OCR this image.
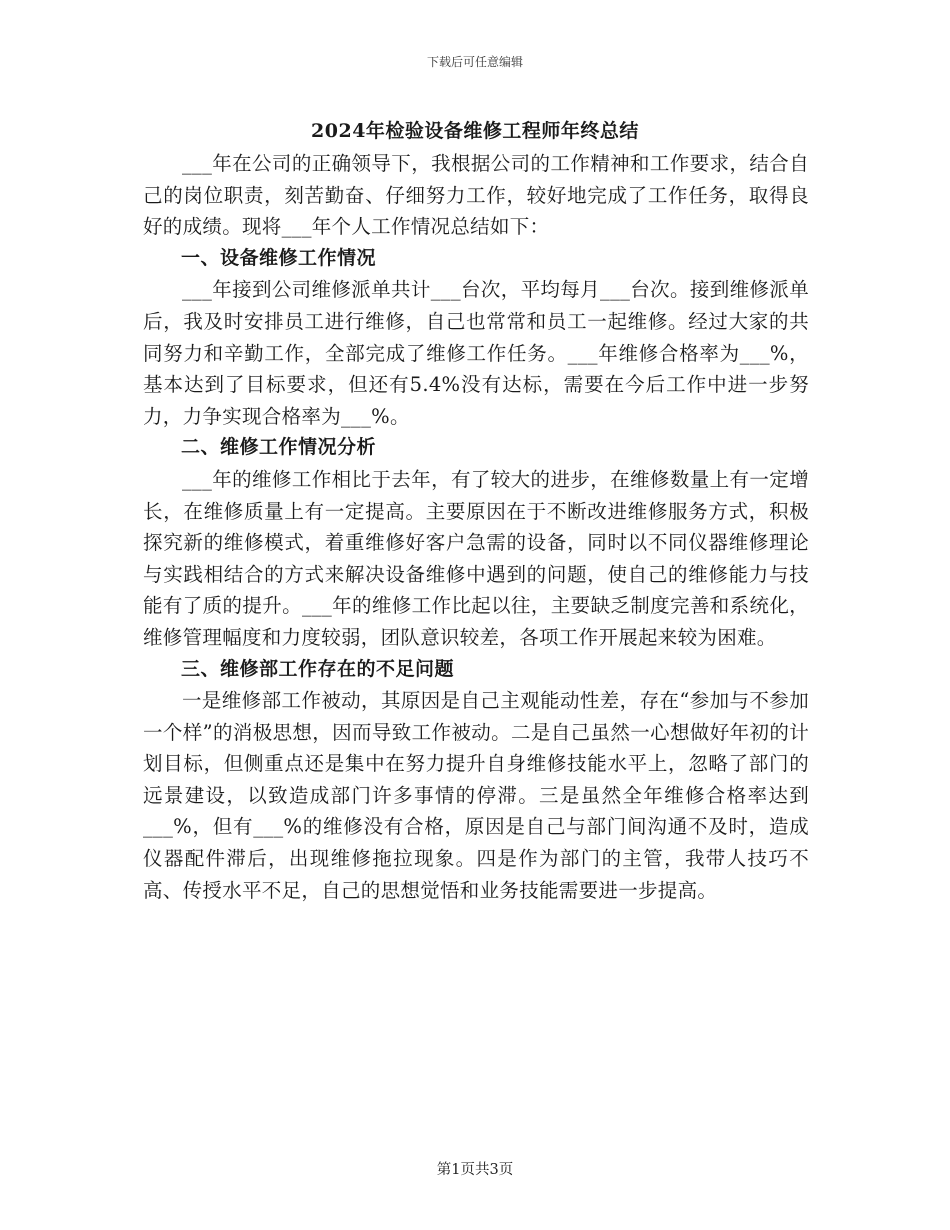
下载后可任意编辑
2024年检验设备维修工程师年终总结

___年在公司的正确领导下，我根据公司的工作精神和工作要求，结合自己的岗位职责，刻苦勤奋、仔细努力工作，较好地完成了工作任务，取得良好的成绩。现将___年个人工作情况总结如下：

一、设备维修工作情况

___年接到公司维修派单共计___台次，平均每月___台次。接到维修派单后，我及时安排员工进行维修，自己也常常和员工一起维修。经过大家的共同努力和辛勤工作，全部完成了维修工作任务。___年维修合格率为___%，基本达到了目标要求，但还有5.4%没有达标，需要在今后工作中进一步努力，力争实现合格率为___%。

二、维修工作情况分析

___年的维修工作相比于去年，有了较大的进步，在维修数量上有一定增长，在维修质量上有一定提高。主要原因在于不断改进维修服务方式，积极探究新的维修模式，着重维修好客户急需的设备，同时以不同仪器维修理论与实践相结合的方式来解决设备维修中遇到的问题，使自己的维修能力与技能有了质的提升。___年的维修工作比起以往，主要缺乏制度完善和系统化，维修管理幅度和力度较弱，团队意识较差，各项工作开展起来较为困难。

三、维修部工作存在的不足问题

一是维修部工作被动，其原因是自己主观能动性差，存在“参加与不参加一个样”的消极思想，因而导致工作被动。二是自己虽然一心想做好年初的计划目标，但侧重点还是集中在努力提升自身维修技能水平上，忽略了部门的远景建设，以致造成部门许多事情的停滞。三是虽然全年维修合格率达到___%，但有___%的维修没有合格，原因是自己与部门间沟通不及时，造成仪器配件滞后，出现维修拖拉现象。四是作为部门的主管，我带人技巧不高、传授水平不足，自己的思想觉悟和业务技能需要进一步提高。

第1页共3页
